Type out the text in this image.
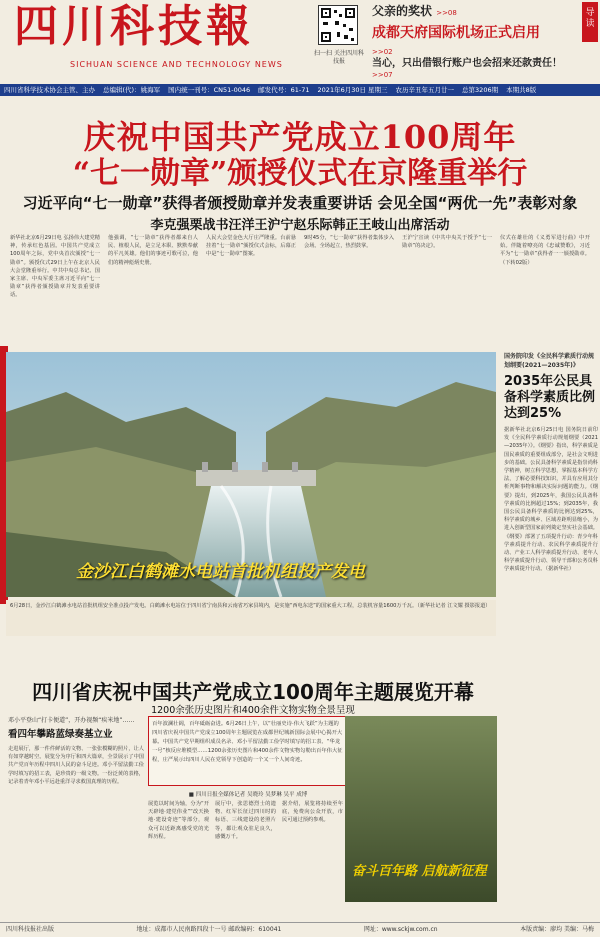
四川科技報
SICHUAN SCIENCE AND TECHNOLOGY NEWS
扫一扫 关注四川科技报
父亲的奖状 >>08
成都天府国际机场正式启用
>>02
当心，只出借银行账户也会招来还款责任！
>>07
导读
四川省科学技术协会主管、主办 总编辑(代)：姚海军 国内统一刊号：CN51-0046 邮发代号：61-71 2021年6月30日 星期三 农历辛丑年五月廿一 总第3206期 本期共8版
庆祝中国共产党成立100周年
“七一勋章”颁授仪式在京隆重举行
习近平向“七一勋章”获得者颁授勋章并发表重要讲话 会见全国“两优一先”表彰对象
李克强栗战书汪洋王沪宁赵乐际韩正王岐山出席活动
新华社北京6月29日电 弘扬伟大建党精神，传承红色基因。中国共产党成立100周年之际，党中央首次颁授“七一勋章”。颁授仪式29日上午在北京人民大会堂隆重举行。中共中央总书记、国家主席、中央军委主席习近平向“七一勋章”获得者颁授勋章并发表重要讲话。
他强调，“七一勋章”获得者都来自人民、植根人民，是立足本职、默默奉献的平凡英雄。他们的事迹可歌可泣，他们的精神彪炳史册。
人民大会堂金色大厅庄严隆重。台前悬挂着“七一勋章”颁授仪式会标，后幕正中是“七一勋章”图案。
9时45分，“七一勋章”获得者集体步入会场。全场起立，热烈鼓掌。
王沪宁宣读《中共中央关于授予“七一勋章”的决定》。
仪式在雄壮的《义勇军进行曲》中开始。伴随着嘹亮的《忠诚赞歌》，习近平为“七一勋章”获得者一一颁授勋章。（下转02版）
金沙江白鹤滩水电站首批机组投产发电
6月28日，金沙江白鹤滩水电站首批机组安全准点投产发电。白鹤滩水电站位于四川省宁南县和云南省巧家县境内，是实施“西电东送”的国家重大工程，总装机容量1600万千瓦。（新华社记者 江文耀 摄影报道）
国务院印发《全民科学素质行动规划纲要(2021—2035年)》
2035年公民具备科学素质比例达到25%
据新华社北京6月25日电 国务院日前印发《全民科学素质行动规划纲要（2021—2035年）》。《纲要》指出，科学素质是国民素质的重要组成部分，是社会文明进步的基础。公民具备科学素质是指崇尚科学精神，树立科学思想，掌握基本科学方法，了解必要科技知识，并具有应用其分析判断事物和解决实际问题的能力。《纲要》提出，到2025年，我国公民具备科学素质的比例超过15%；到2035年，我国公民具备科学素质的比例达到25%，科学素质的城乡、区域差距明显缩小，为进入创新型国家前列奠定坚实社会基础。《纲要》部署了五项提升行动：青少年科学素质提升行动、农民科学素质提升行动、产业工人科学素质提升行动、老年人科学素质提升行动、领导干部和公务员科学素质提升行动。（据新华社）
四川省庆祝中国共产党成立100周年主题展览开幕
1200余张历史图片和400余件文物实物全景呈现
邓小平登山“打卡便道”，开办视频“疾米地”……
看四年攀路蓝绿奏基立业
走进展厅，那一件件鲜活的文物、一张张模糊的照片，让人有如穿越时空。展览分为序厅和四大篇章，全景展示了中国共产党百年历程中四川人民的奋斗足迹。邓小平留法勤工俭学时填写的招工表，是珍贵的一级文物。一份泛黄的表格，记录着青年邓小平远赴重洋寻求救国真理的历程。
百年波澜壮阔，百年砥砺奋进。6月26日上午，以“壮丽史诗·伟大飞跃”为主题的四川省庆祝中国共产党成立100周年主题展览在成都世纪城新国际会展中心揭开大幕。中国共产党早期组织成员名录、邓小平留法勤工俭学时填写的招工表、“华龙一号”核反应堆模型……1200余张历史图片和400余件文物实物勾勒出百年伟大征程，庄严展示出四川人民在党领导下创造的一个又一个人间奇迹。
■ 四川日报全媒体记者 吴晓玲 吴梦琳 吴平 成博
展览以时间为轴，分为“开天辟地·建党伟业”“改天换地·建设奇迹”等部分，观众可以近距离感受党的光辉历程。
展厅中，张思德烈士的遗物、红军长征过四川时的标语、三线建设的老照片等，都让观众驻足良久，感慨万千。
据介绍，展览将持续至年底，免费向公众开放，市民可通过预约参观。
奋斗百年路 启航新征程
四川科技报社出版	地址：成都市人民南路四段十一号 邮政编码：610041	网址：www.sckjw.com.cn	本版责编：廖均 美编：马梅
